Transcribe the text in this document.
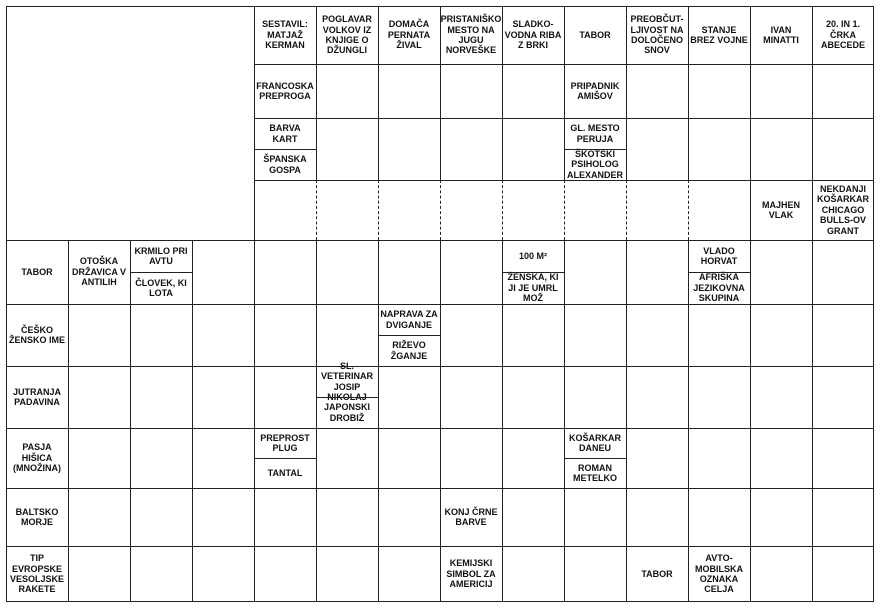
SESTAVIL: MATJAŽ KERMAN
POGLAVAR VOLKOV IZ KNJIGE O DŽUNGLI
DOMAČA PERNATA ŽIVAL
PRISTANIŠKO MESTO NA JUGU NORVEŠKE
SLADKO-VODNA RIBA Z BRKI
TABOR
PREOBČUT-LJIVOST NA DOLOČENO SNOV
STANJE BREZ VOJNE
IVAN MINATTI
20. IN 1. ČRKA ABECEDE
FRANCOSKA PREPROGA
PRIPADNIK AMIŠOV
BARVA KART
ŠPANSKA GOSPA
GL. MESTO PERUJA
ŠKOTSKI PSIHOLOG ALEXANDER
MAJHEN VLAK
NEKDANJI KOŠARKAR CHICAGO BULLS-OV GRANT
TABOR
OTOŠKA DRŽAVICA V ANTILIH
KRMILO PRI AVTU
ČLOVEK, KI LOTA
100 M²
ŽENSKA, KI JI JE UMRL MOŽ
VLADO HORVAT
AFRIŠKA JEZIKOVNA SKUPINA
ČEŠKO ŽENSKO IME
NAPRAVA ZA DVIGANJE
RIŽEVO ŽGANJE
JUTRANJA PADAVINA
SL. VETERINAR JOSIP NIKOLAJ
JAPONSKI DROBIŽ
PASJA HIŠICA (MNOŽINA)
PREPROST PLUG
TANTAL
KOŠARKAR DANEU
ROMAN METELKO
BALTSKO MORJE
KONJ ČRNE BARVE
TIP EVROPSKE VESOLJSKE RAKETE
KEMIJSKI SIMBOL ZA AMERICIJ
TABOR
AVTO-MOBILSKA OZNAKA CELJA
